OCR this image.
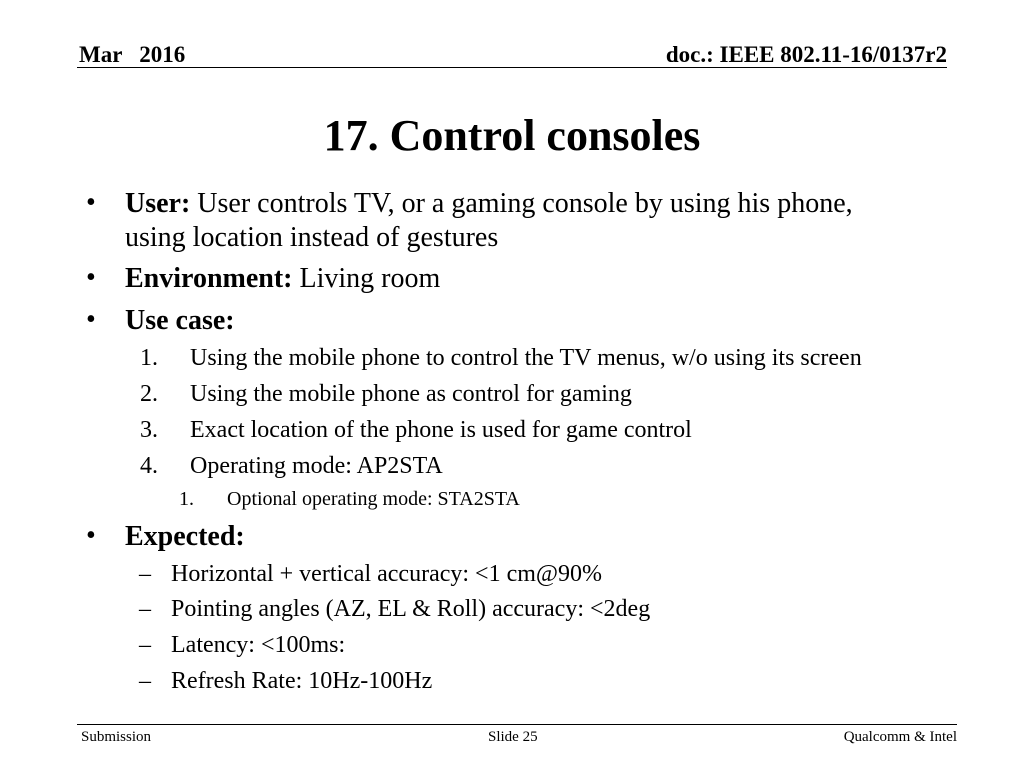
Mar   2016	doc.: IEEE 802.11-16/0137r2
17. Control consoles
• User: User controls TV, or a gaming console by using his phone,
using location instead of gestures
• Environment: Living room
• Use case:
1. Using the mobile phone to control the TV menus, w/o using its screen
2. Using the mobile phone as control for gaming
3. Exact location of the phone is used for game control
4. Operating mode: AP2STA
1. Optional operating mode: STA2STA
• Expected:
– Horizontal + vertical accuracy: <1 cm@90%
– Pointing angles (AZ, EL & Roll) accuracy: <2deg
– Latency: <100ms:
– Refresh Rate: 10Hz-100Hz
Submission	Slide 25	Qualcomm & Intel
